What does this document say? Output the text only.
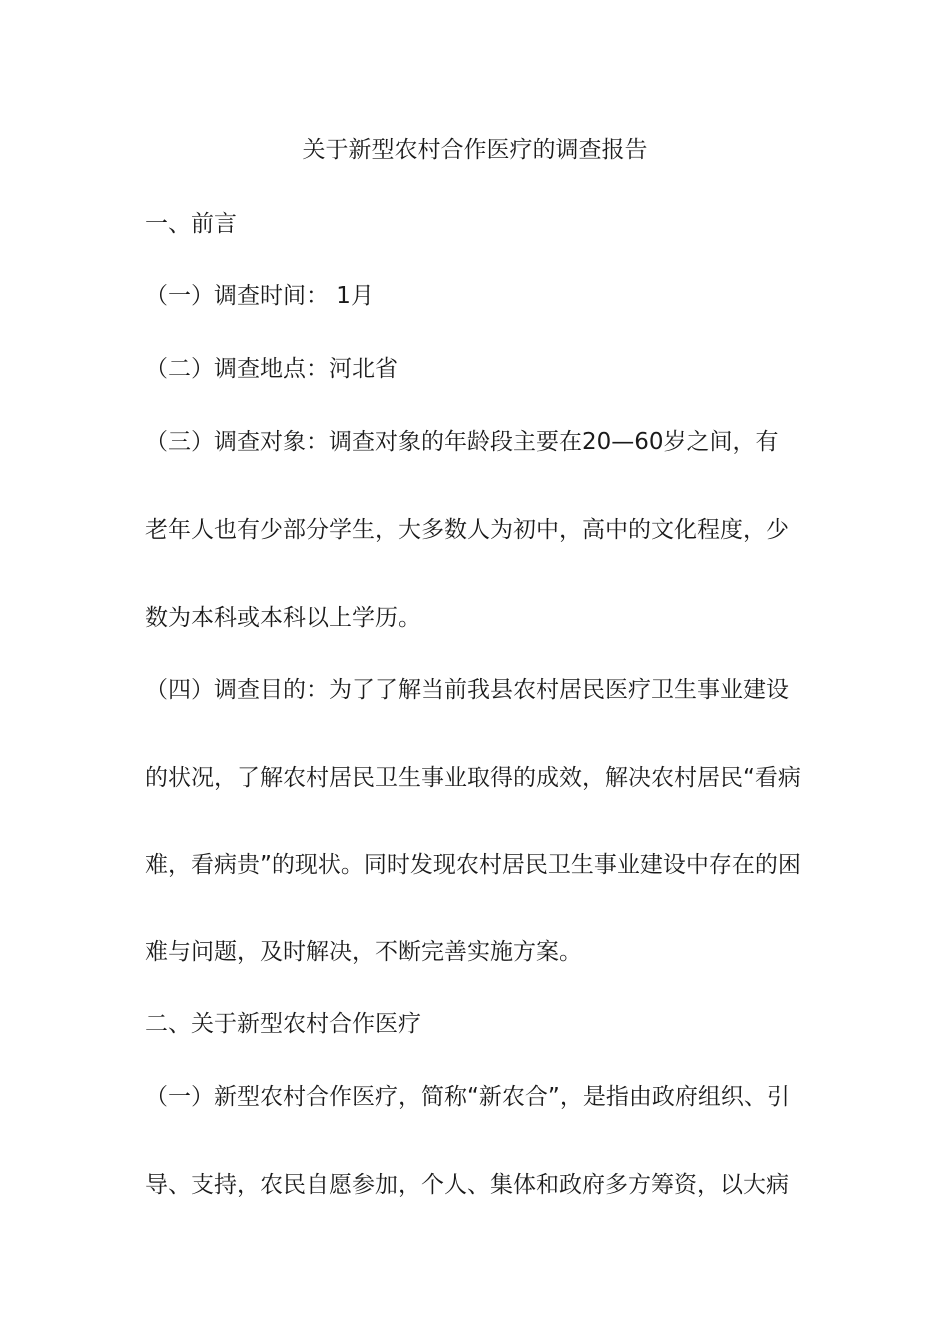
关于新型农村合作医疗的调查报告
一、前言
（一）调查时间： 1月
（二）调查地点：河北省
（三）调查对象：调查对象的年龄段主要在20—60岁之间，有
老年人也有少部分学生，大多数人为初中，高中的文化程度，少
数为本科或本科以上学历。
（四）调查目的：为了了解当前我县农村居民医疗卫生事业建设
的状况，了解农村居民卫生事业取得的成效，解决农村居民“看病
难，看病贵”的现状。同时发现农村居民卫生事业建设中存在的困
难与问题，及时解决，不断完善实施方案。
二、关于新型农村合作医疗
（一）新型农村合作医疗，简称“新农合”，是指由政府组织、引
导、支持，农民自愿参加，个人、集体和政府多方筹资，以大病
